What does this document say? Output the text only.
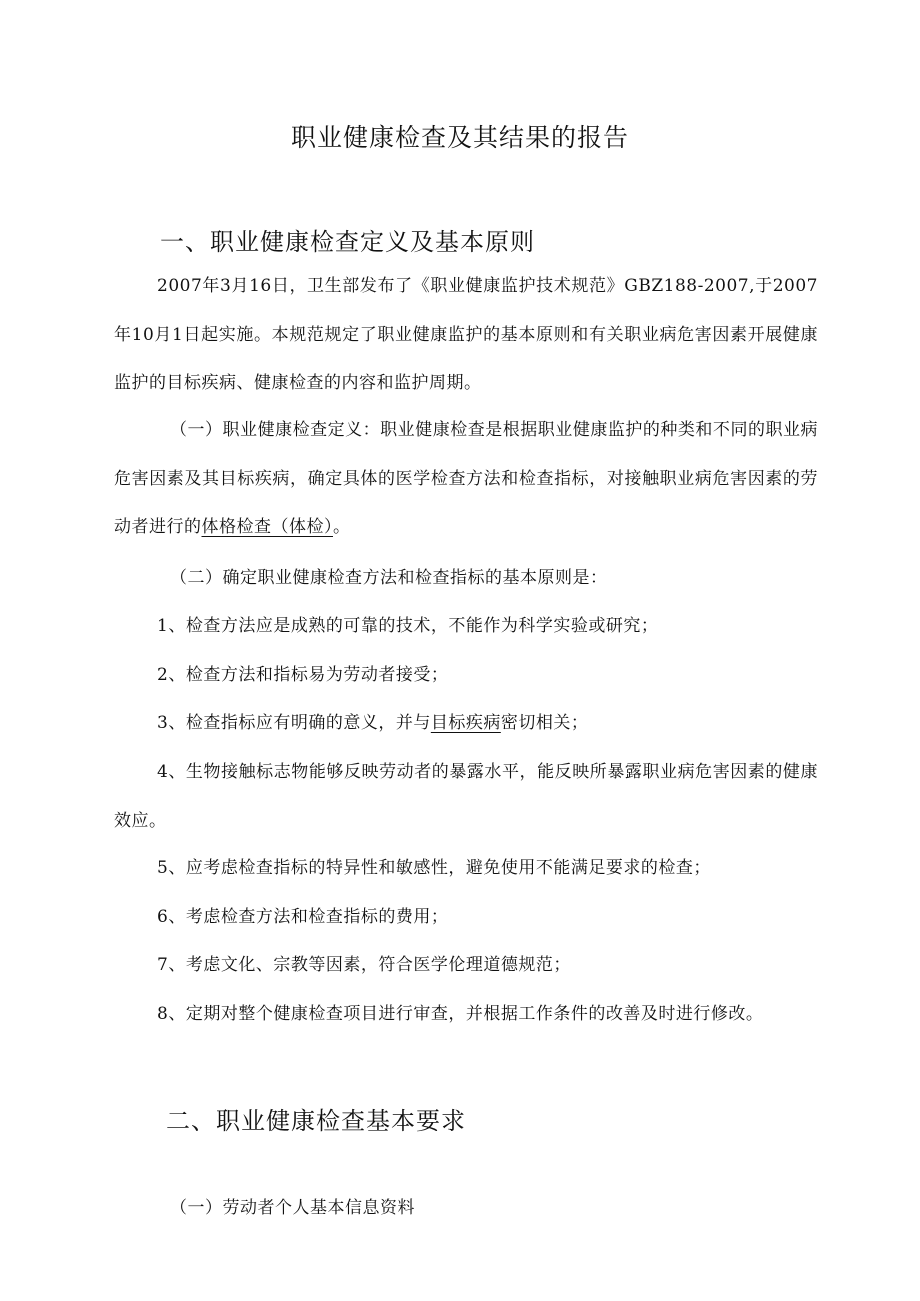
职业健康检查及其结果的报告
一、职业健康检查定义及基本原则

2007年3月16日，卫生部发布了《职业健康监护技术规范》GBZ188-2007,于2007年10月1日起实施。本规范规定了职业健康监护的基本原则和有关职业病危害因素开展健康监护的目标疾病、健康检查的内容和监护周期。

（一）职业健康检查定义：职业健康检查是根据职业健康监护的种类和不同的职业病危害因素及其目标疾病，确定具体的医学检查方法和检查指标，对接触职业病危害因素的劳动者进行的体格检查（体检）。

（二）确定职业健康检查方法和检查指标的基本原则是：

1、检查方法应是成熟的可靠的技术，不能作为科学实验或研究；

2、检查方法和指标易为劳动者接受；

3、检查指标应有明确的意义，并与目标疾病密切相关；

4、生物接触标志物能够反映劳动者的暴露水平，能反映所暴露职业病危害因素的健康效应。

5、应考虑检查指标的特异性和敏感性，避免使用不能满足要求的检查；

6、考虑检查方法和检查指标的费用；

7、考虑文化、宗教等因素，符合医学伦理道德规范；

8、定期对整个健康检查项目进行审查，并根据工作条件的改善及时进行修改。

二、职业健康检查基本要求

（一）劳动者个人基本信息资料
